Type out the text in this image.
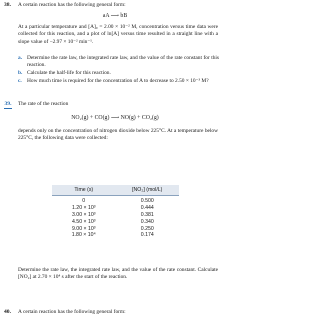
38. A certain reaction has the following general form:
aA ⟶ bB
At a particular temperature and [A]₀ = 2.00 × 10⁻² M, concentration versus time data were collected for this reaction, and a plot of ln[A] versus time resulted in a straight line with a slope value of −2.97 × 10⁻² min⁻¹.
a. Determine the rate law, the integrated rate law, and the value of the rate constant for this reaction.
b. Calculate the half-life for this reaction.
c. How much time is required for the concentration of A to decrease to 2.50 × 10⁻³ M?
39. The rate of the reaction
NO₂(g) + CO(g) ⟶ NO(g) + CO₂(g)
depends only on the concentration of nitrogen dioxide below 225°C. At a temperature below 225°C, the following data were collected:
Time (s)	[NO₂] (mol/L)
0	0.500
1.20 × 10³	0.444
3.00 × 10³	0.381
4.50 × 10³	0.340
9.00 × 10³	0.250
1.80 × 10⁴	0.174
Determine the rate law, the integrated rate law, and the value of the rate constant. Calculate [NO₂] at 2.70 × 10⁴ s after the start of the reaction.
40. A certain reaction has the following general form:
